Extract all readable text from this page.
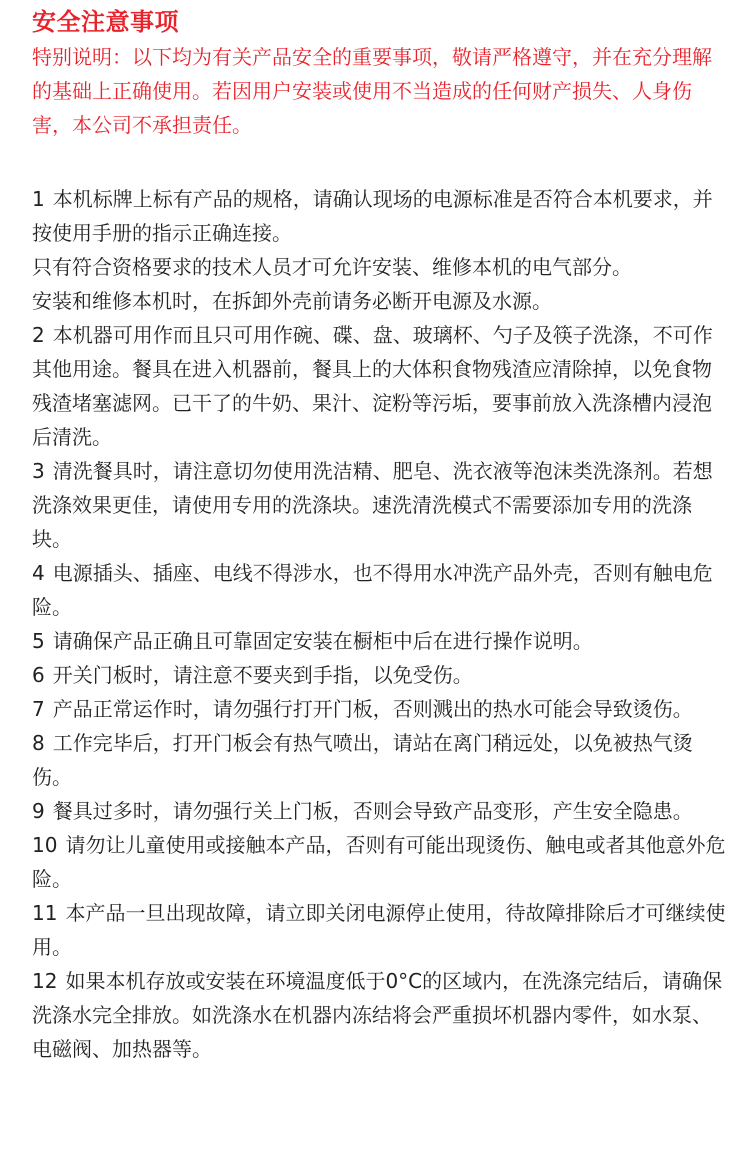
安全注意事项
特别说明：以下均为有关产品安全的重要事项，敬请严格遵守，并在充分理解的基础上正确使用。若因用户安装或使用不当造成的任何财产损失、人身伤害，本公司不承担责任。

1 本机标牌上标有产品的规格，请确认现场的电源标准是否符合本机要求，并按使用手册的指示正确连接。

只有符合资格要求的技术人员才可允许安装、维修本机的电气部分。

安装和维修本机时，在拆卸外壳前请务必断开电源及水源。

2 本机器可用作而且只可用作碗、碟、盘、玻璃杯、勺子及筷子洗涤，不可作其他用途。餐具在进入机器前，餐具上的大体积食物残渣应清除掉，以免食物残渣堵塞滤网。已干了的牛奶、果汁、淀粉等污垢，要事前放入洗涤槽内浸泡后清洗。

3 清洗餐具时，请注意切勿使用洗洁精、肥皂、洗衣液等泡沫类洗涤剂。若想洗涤效果更佳，请使用专用的洗涤块。速洗清洗模式不需要添加专用的洗涤块。

4 电源插头、插座、电线不得涉水，也不得用水冲洗产品外壳，否则有触电危险。

5 请确保产品正确且可靠固定安装在橱柜中后在进行操作说明。

6 开关门板时，请注意不要夹到手指，以免受伤。

7 产品正常运作时，请勿强行打开门板，否则溅出的热水可能会导致烫伤。

8 工作完毕后，打开门板会有热气喷出，请站在离门稍远处，以免被热气烫伤。

9 餐具过多时，请勿强行关上门板，否则会导致产品变形，产生安全隐患。

10 请勿让儿童使用或接触本产品，否则有可能出现烫伤、触电或者其他意外危险。

11 本产品一旦出现故障，请立即关闭电源停止使用，待故障排除后才可继续使用。

12 如果本机存放或安装在环境温度低于0°C的区域内，在洗涤完结后，请确保洗涤水完全排放。如洗涤水在机器内冻结将会严重损坏机器内零件，如水泵、电磁阀、加热器等。
